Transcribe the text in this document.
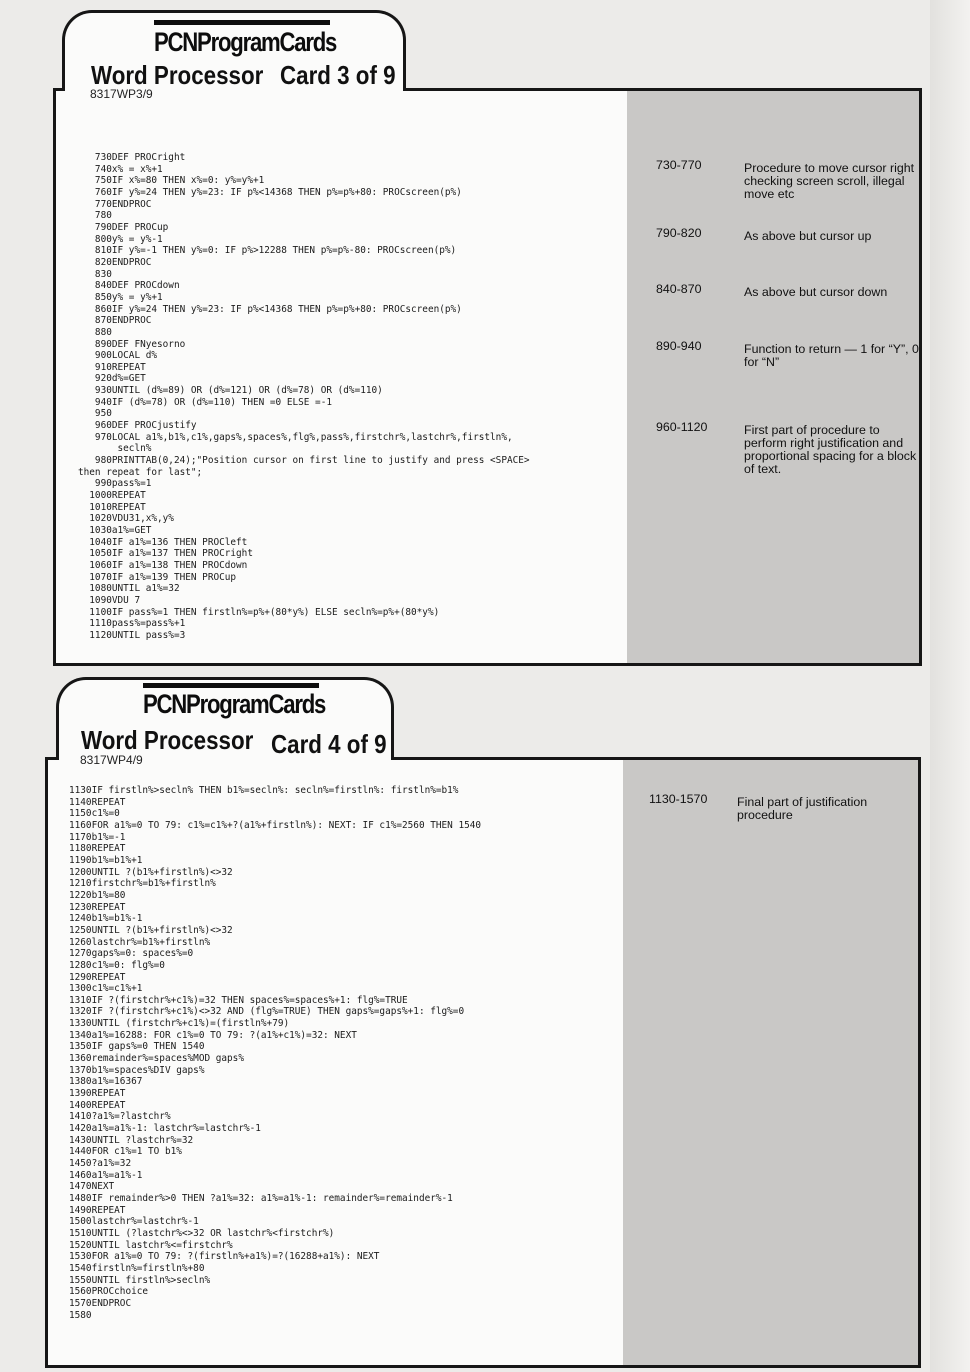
730DEF PROCright
740x% = x%+1
750IF x%=80 THEN x%=0: y%=y%+1
760IF y%=24 THEN y%=23: IF p%<14368 THEN p%=p%+80: PROCscreen(p%)
770ENDPROC
780
790DEF PROCup
800y% = y%-1
810IF y%=-1 THEN y%=0: IF p%>12288 THEN p%=p%-80: PROCscreen(p%)
820ENDPROC
830
840DEF PROCdown
850y% = y%+1
860IF y%=24 THEN y%=23: IF p%<14368 THEN p%=p%+80: PROCscreen(p%)
870ENDPROC
880
890DEF FNyesorno
900LOCAL d%
910REPEAT
920d%=GET
930UNTIL (d%=89) OR (d%=121) OR (d%=78) OR (d%=110)
940IF (d%=78) OR (d%=110) THEN =0 ELSE =-1
950
960DEF PROCjustify
970LOCAL a1%,b1%,c1%,gaps%,spaces%,flg%,pass%,firstchr%,lastchr%,firstln%,
secln%
980PRINTTAB(0,24);"Position cursor on first line to justify and press <SPACE>
then repeat for last";
990pass%=1
1000REPEAT
1010REPEAT
1020VDU31,x%,y%
1030a1%=GET
1040IF a1%=136 THEN PROCleft
1050IF a1%=137 THEN PROCright
1060IF a1%=138 THEN PROCdown
1070IF a1%=139 THEN PROCup
1080UNTIL a1%=32
1090VDU 7
1100IF pass%=1 THEN firstln%=p%+(80*y%) ELSE secln%=p%+(80*y%)
1110pass%=pass%+1
1120UNTIL pass%=3

730-770	Procedure to move cursor right checking screen scroll, illegal move etc
790-820	As above but cursor up
840-870	As above but cursor down
890-940	Function to return — 1 for “Y”, 0 for “N”
960-1120	First part of procedure to perform right justification and proportional spacing for a block of text.
PCNProgramCards
Word Processor Card 3 of 9
8317WP3/9
1130IF firstln%>secln% THEN b1%=secln%: secln%=firstln%: firstln%=b1%
1140REPEAT
1150c1%=0
1160FOR a1%=0 TO 79: c1%=c1%+?(a1%+firstln%): NEXT: IF c1%=2560 THEN 1540
1170b1%=-1
1180REPEAT
1190b1%=b1%+1
1200UNTIL ?(b1%+firstln%)<>32
1210firstchr%=b1%+firstln%
1220b1%=80
1230REPEAT
1240b1%=b1%-1
1250UNTIL ?(b1%+firstln%)<>32
1260lastchr%=b1%+firstln%
1270gaps%=0: spaces%=0
1280c1%=0: flg%=0
1290REPEAT
1300c1%=c1%+1
1310IF ?(firstchr%+c1%)=32 THEN spaces%=spaces%+1: flg%=TRUE
1320IF ?(firstchr%+c1%)<>32 AND (flg%=TRUE) THEN gaps%=gaps%+1: flg%=0
1330UNTIL (firstchr%+c1%)=(firstln%+79)
1340a1%=16288: FOR c1%=0 TO 79: ?(a1%+c1%)=32: NEXT
1350IF gaps%=0 THEN 1540
1360remainder%=spaces%MOD gaps%
1370b1%=spaces%DIV gaps%
1380a1%=16367
1390REPEAT
1400REPEAT
1410?a1%=?lastchr%
1420a1%=a1%-1: lastchr%=lastchr%-1
1430UNTIL ?lastchr%=32
1440FOR c1%=1 TO b1%
1450?a1%=32
1460a1%=a1%-1
1470NEXT
1480IF remainder%>0 THEN ?a1%=32: a1%=a1%-1: remainder%=remainder%-1
1490REPEAT
1500lastchr%=lastchr%-1
1510UNTIL (?lastchr%<>32 OR lastchr%<firstchr%)
1520UNTIL lastchr%<=firstchr%
1530FOR a1%=0 TO 79: ?(firstln%+a1%)=?(16288+a1%): NEXT
1540firstln%=firstln%+80
1550UNTIL firstln%>secln%
1560PROCchoice
1570ENDPROC
1580

1130-1570 Final part of justification procedure
PCNProgramCards
Word Processor Card 4 of 9
8317WP4/9
